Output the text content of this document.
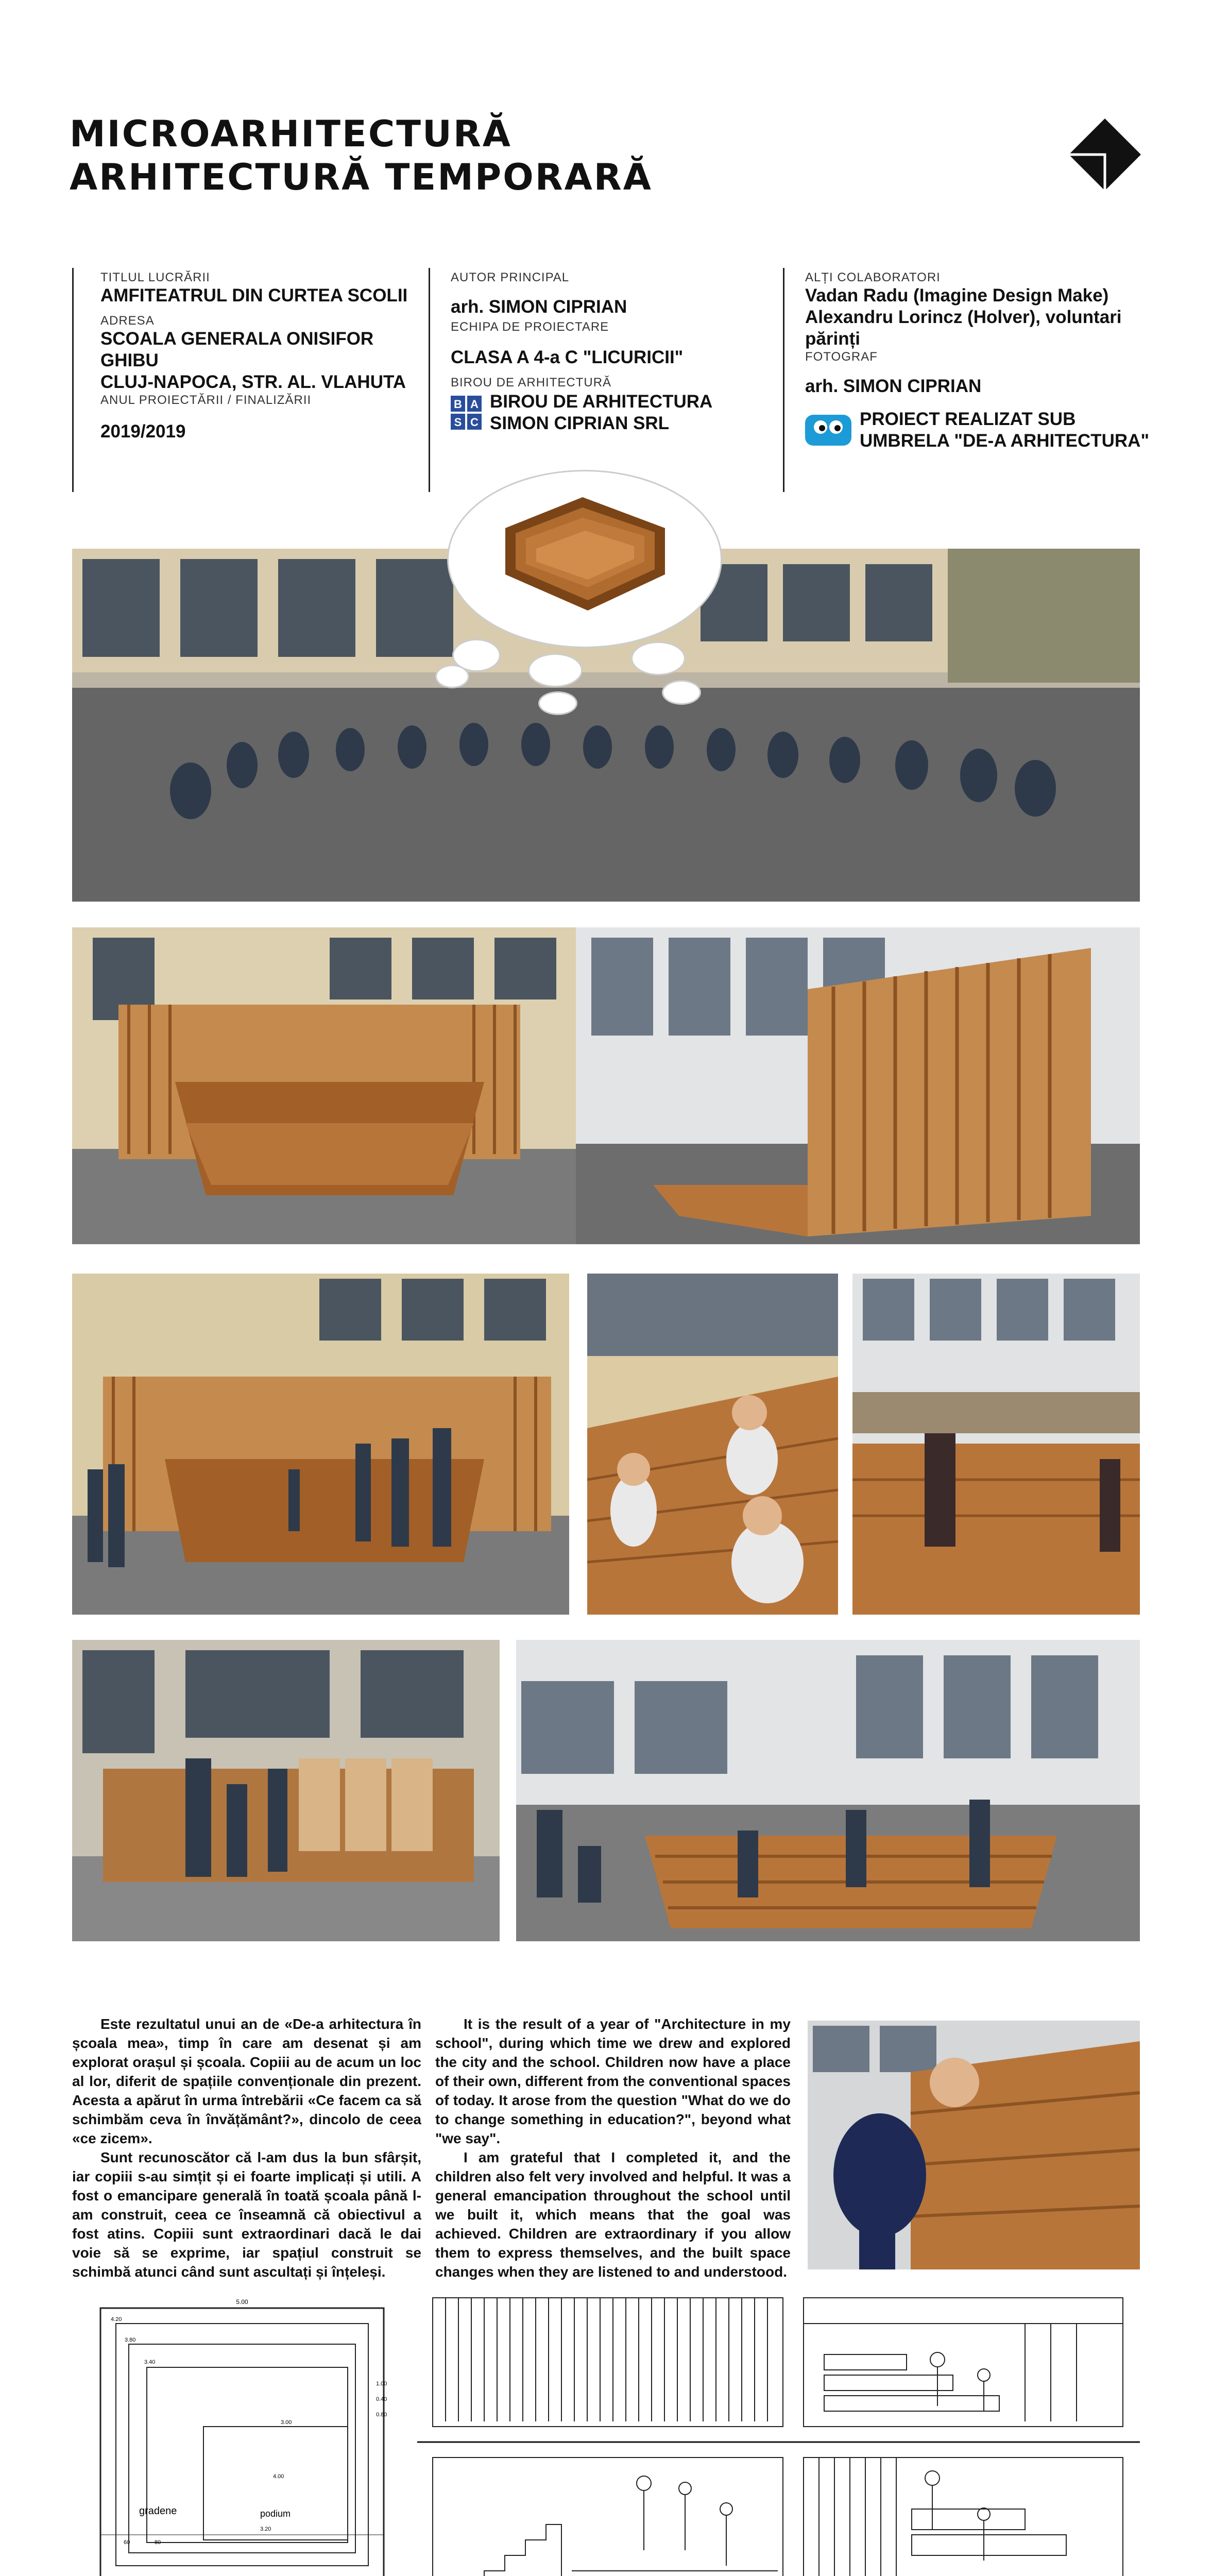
MICROARHITECTURĂ
ARHITECTURĂ TEMPORARĂ
TITLUL LUCRĂRII
AMFITEATRUL DIN CURTEA SCOLII
ADRESA
SCOALA GENERALA ONISIFOR GHIBU
CLUJ-NAPOCA, STR. AL. VLAHUTA
ANUL PROIECTĂRII / FINALIZĂRII
2019/2019
AUTOR PRINCIPAL
arh. SIMON CIPRIAN
ECHIPA DE PROIECTARE
CLASA A 4-a C "LICURICII"
BIROU DE ARHITECTURĂ
B A
S C
BIROU DE ARHITECTURA
SIMON CIPRIAN SRL
ALȚI COLABORATORI
Vadan Radu (Imagine Design Make)
Alexandru Lorincz (Holver), voluntari părinți
FOTOGRAF
arh. SIMON CIPRIAN
PROIECT REALIZAT SUB
UMBRELA "DE-A ARHITECTURA"

Este rezultatul unui an de «De-a arhitectura în școala mea», timp în care am desenat și am explorat orașul și școala. Copiii au de acum un loc al lor, diferit de spațiile convenționale din prezent. Acesta a apărut în urma întrebării «Ce facem ca să schimbăm ceva în învățământ?», dincolo de ceea «ce zicem».

Sunt recunoscător că l-am dus la bun sfârșit, iar copiii s-au simțit și ei foarte implicați și utili. A fost o emancipare generală în toată școala până l-am construit, ceea ce înseamnă că obiectivul a fost atins. Copiii sunt extraordinari dacă le dai voie să se exprime, iar spațiul construit se schimbă atunci când sunt ascultați și înțeleși.

It is the result of a year of "Architecture in my school", during which time we drew and explored the city and the school. Children now have a place of their own, different from the conventional spaces of today. It arose from the question "What do we do to change something in education?", beyond what "we say".

I am grateful that I completed it, and the children also felt very involved and helpful. It was a general emancipation throughout the school until we built it, which means that the goal was achieved. Children are extraordinary if you allow them to express themselves, and the built space changes when they are listened to and understood.

5.00
4.20
3.80
3.40
3.00
4.00
gradene	podium
3.20
60	80
1.00
0.40
0.80
